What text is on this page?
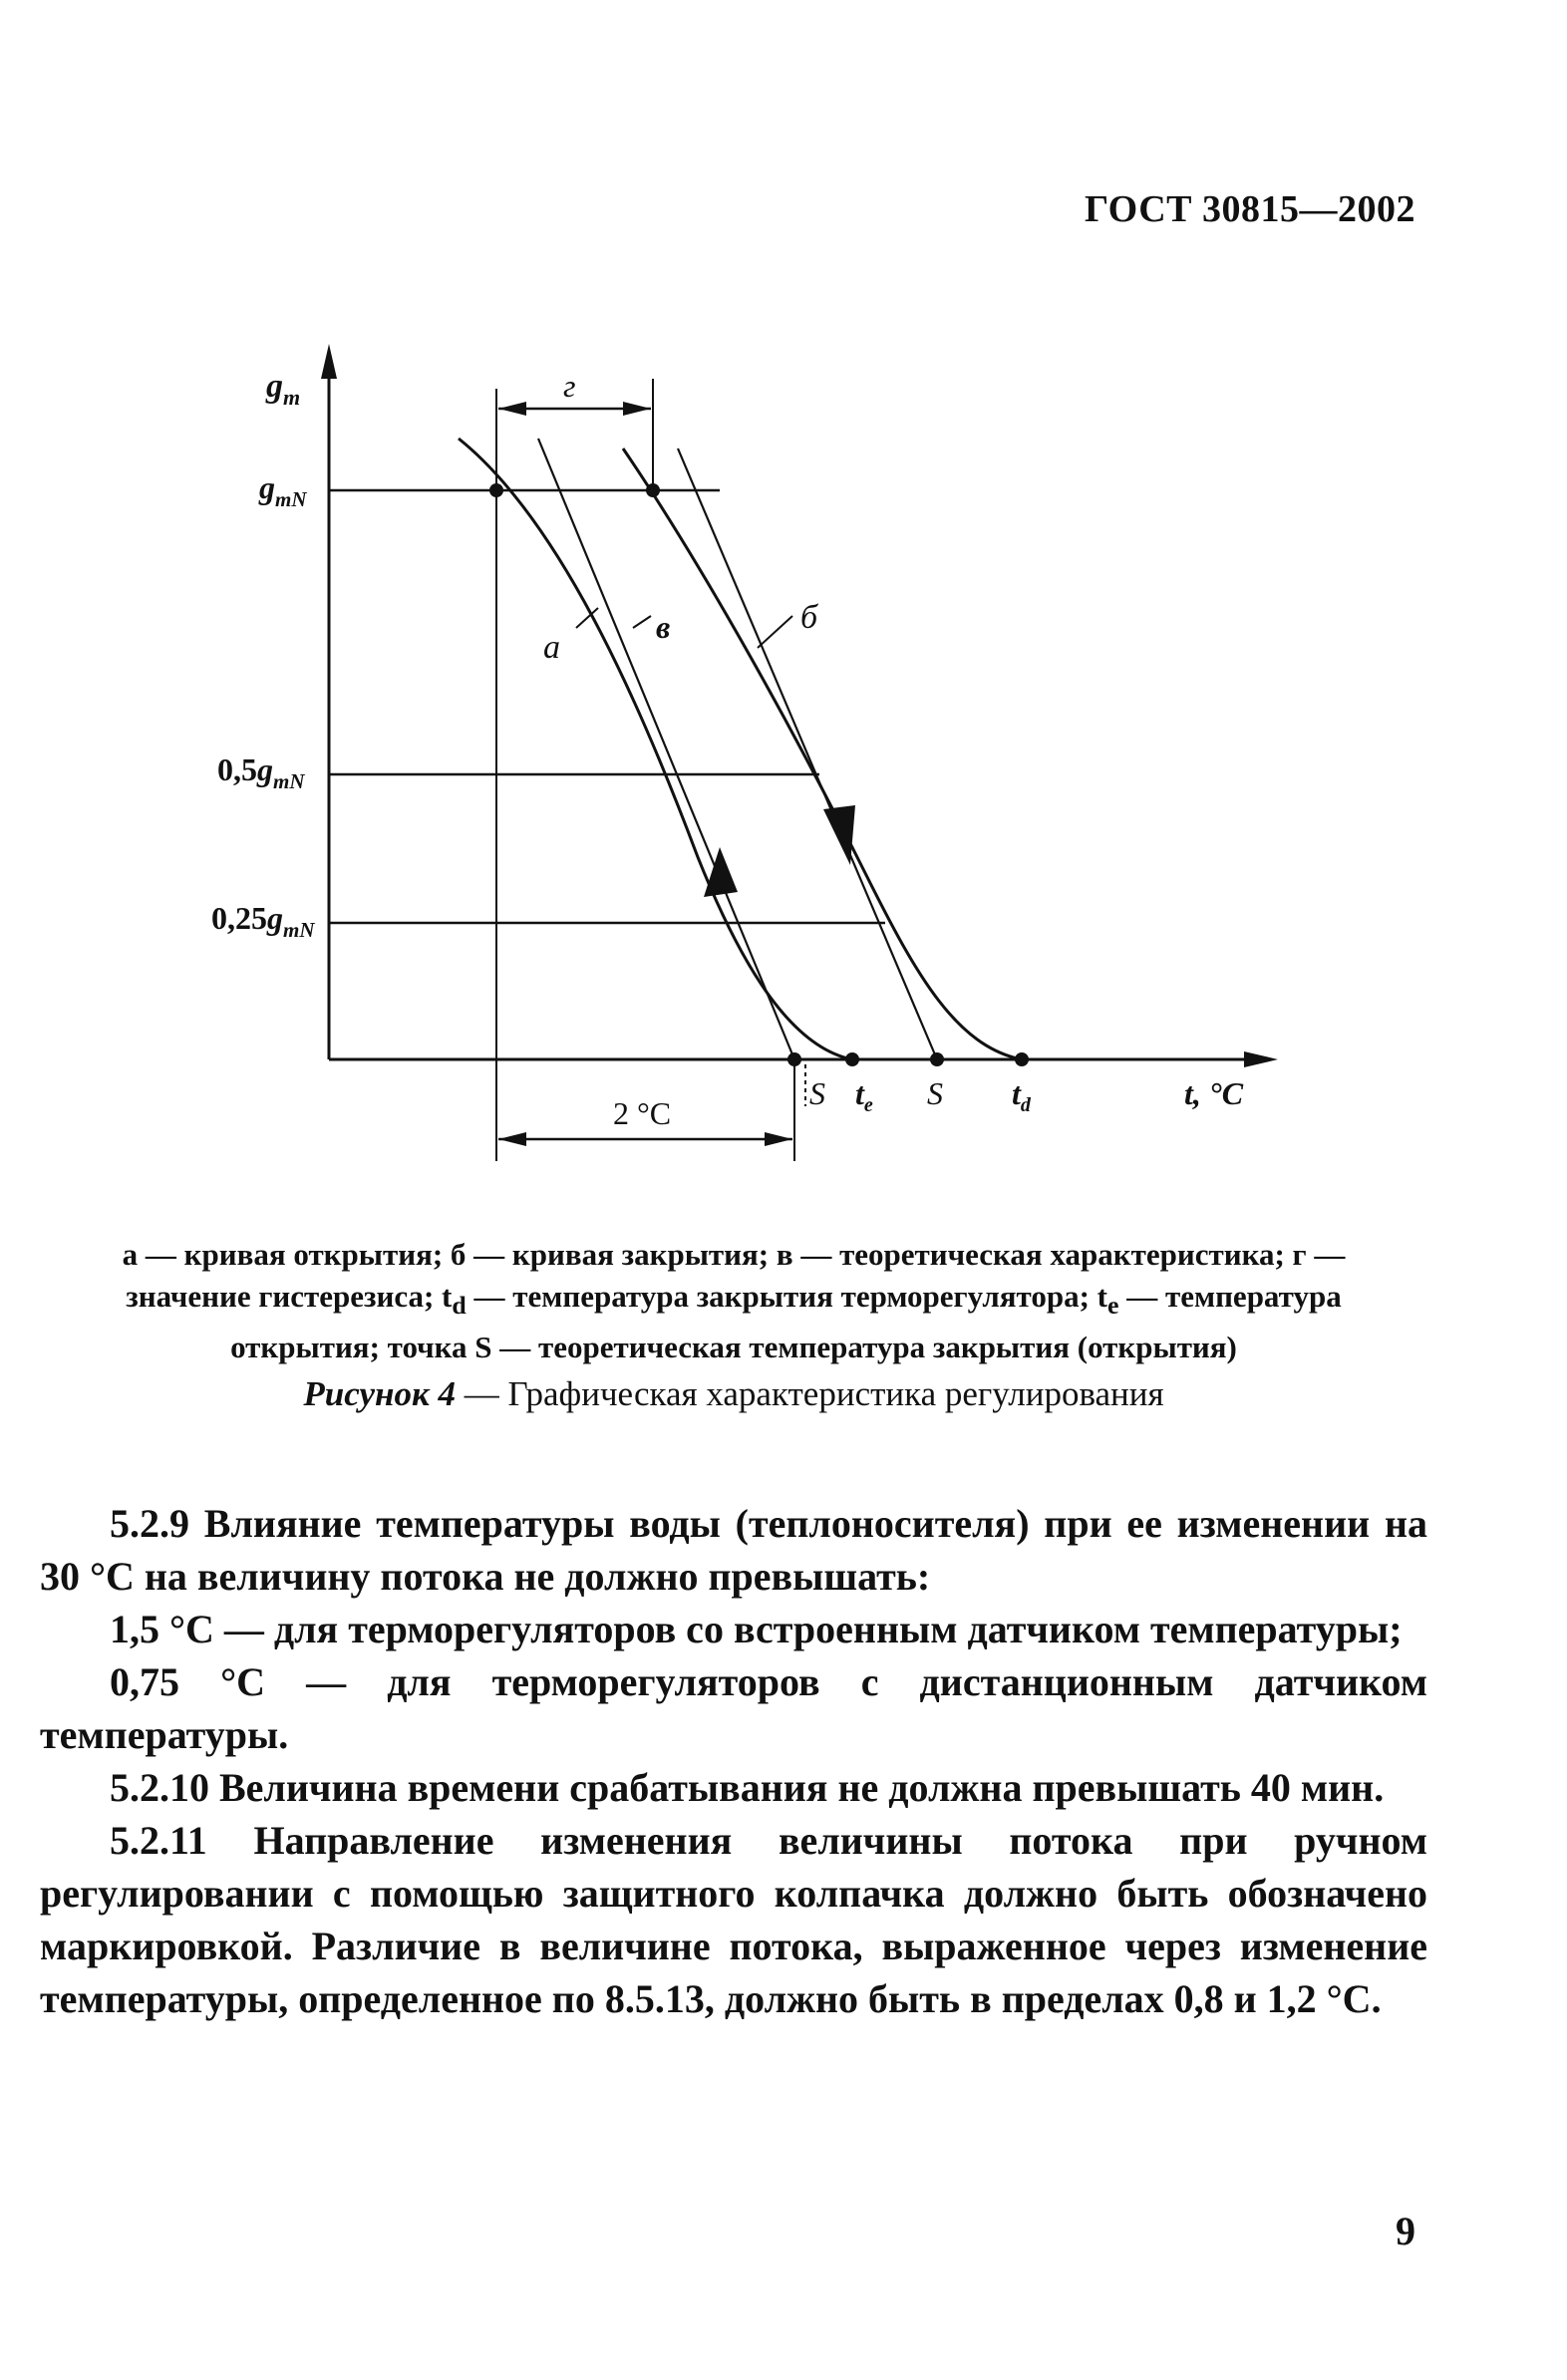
ГОСТ 30815—2002
$g_m$
$g_{mN}$
$0,5g_{mN}$
$0,25g_{mN}$
а
в	б
г
S $t_e$ S $t_d$	t, °C
2 °С
а — кривая открытия; б — кривая закрытия; в — теоретическая характеристика; г —
значение гистерезиса; $t_d$ — температура закрытия терморегулятора; $t_e$ — температура
открытия; точка S — теоретическая температура закрытия (открытия)
Рисунок 4 — Графическая характеристика регулирования

5.2.9 Влияние температуры воды (теплоносителя) при ее изменении на 30 °С на величину потока не должно превышать:

1,5 °С — для терморегуляторов со встроенным датчиком температуры;

0,75 °С — для терморегуляторов с дистанционным датчиком температуры.

5.2.10 Величина времени срабатывания не должна превышать 40 мин.

5.2.11 Направление изменения величины потока при ручном регулировании с помощью защитного колпачка должно быть обозначено маркировкой. Различие в величине потока, выраженное через изменение температуры, определенное по 8.5.13, должно быть в пределах 0,8 и 1,2 °С.

9
